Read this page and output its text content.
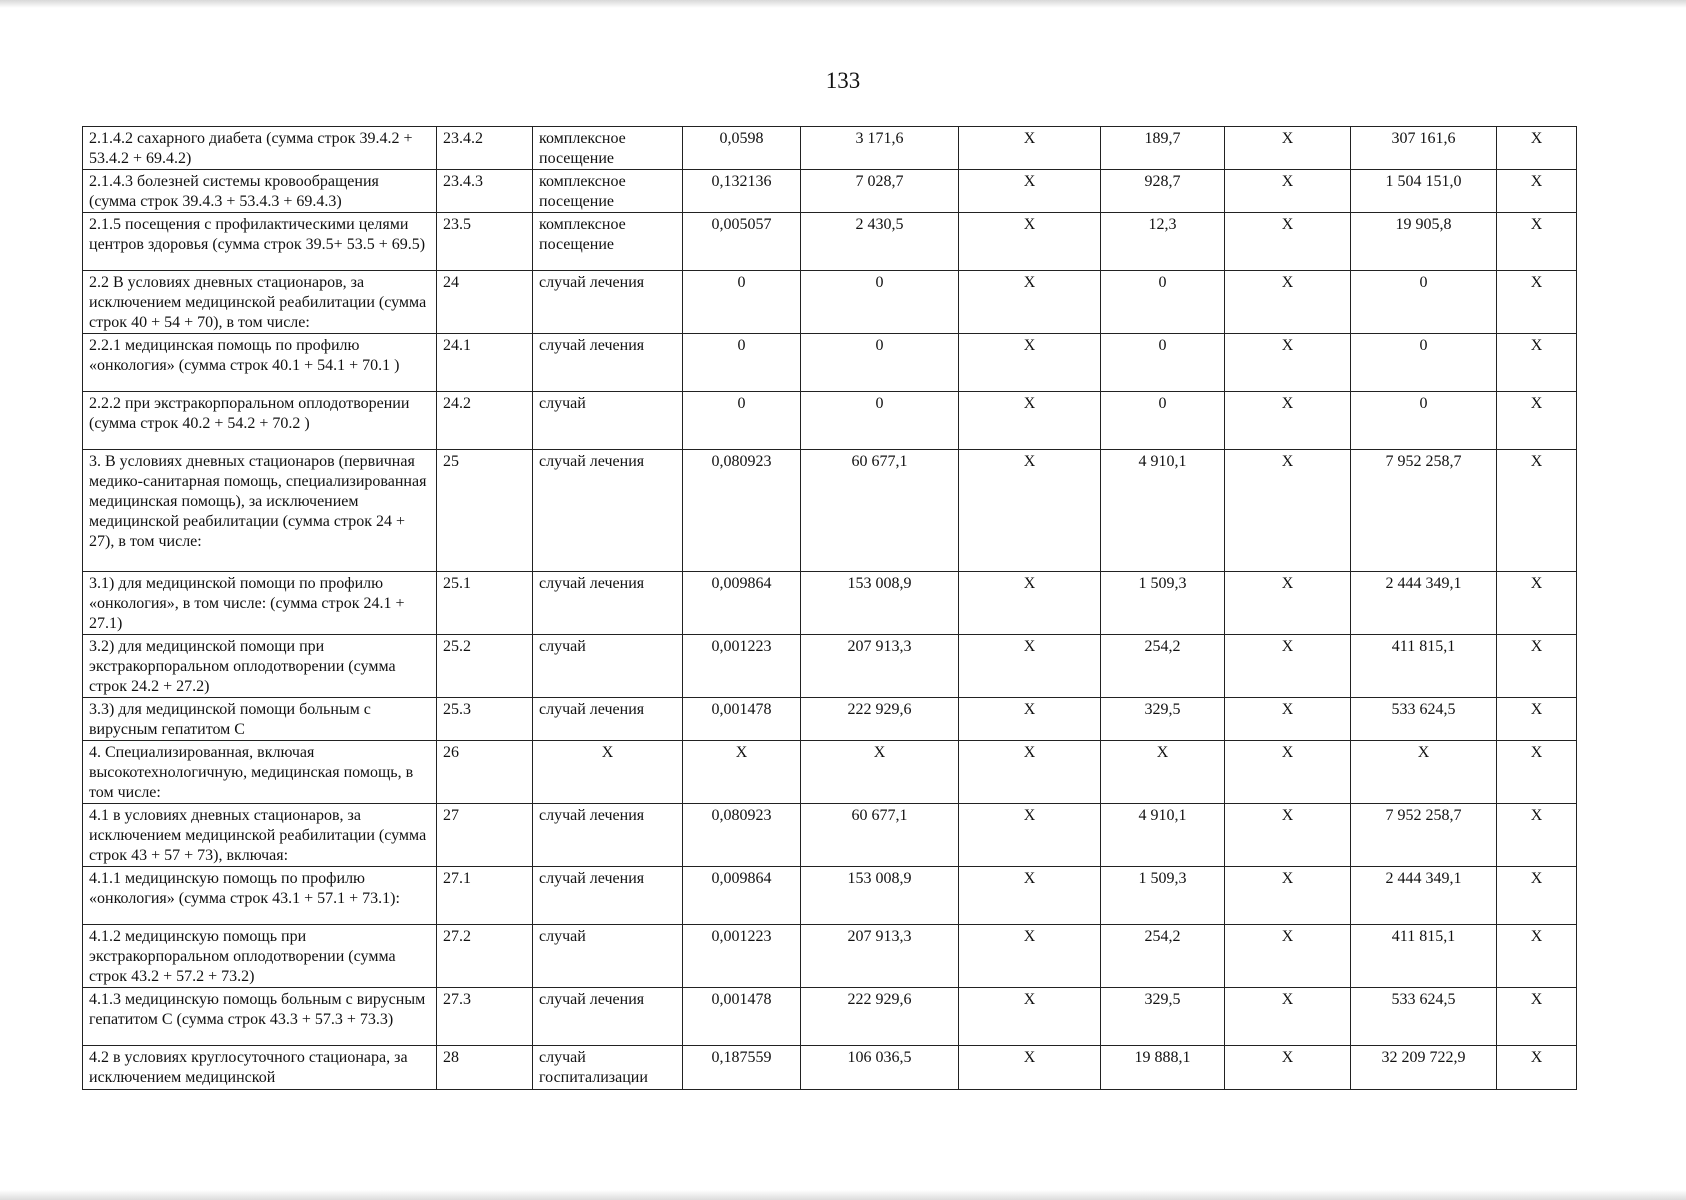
133
2.1.4.2 сахарного диабета (сумма строк 39.4.2 + 53.4.2 + 69.4.2)	23.4.2	комплексное посещение	0,0598	3 171,6	X	189,7	X	307 161,6	X
2.1.4.3 болезней системы кровообращения (сумма строк 39.4.3 + 53.4.3 + 69.4.3)	23.4.3	комплексное посещение	0,132136	7 028,7	X	928,7	X	1 504 151,0	X
2.1.5 посещения с профилактическими целями центров здоровья (сумма строк 39.5+ 53.5 + 69.5)	23.5	комплексное посещение	0,005057	2 430,5	X	12,3	X	19 905,8	X
2.2 В условиях дневных стационаров, за исключением медицинской реабилитации (сумма строк 40 + 54 + 70), в том числе:	24	случай лечения	0	0	X	0	X	0	X
2.2.1 медицинская помощь по профилю «онкология» (сумма строк 40.1 + 54.1 + 70.1 )	24.1	случай лечения	0	0	X	0	X	0	X
2.2.2 при экстракорпоральном оплодотворении (сумма строк 40.2 + 54.2 + 70.2 )	24.2	случай	0	0	X	0	X	0	X
3. В условиях дневных стационаров (первичная медико-санитарная помощь, специализированная медицинская помощь), за исключением медицинской реабилитации (сумма строк 24 + 27), в том числе:	25	случай лечения	0,080923	60 677,1	X	4 910,1	X	7 952 258,7	X
3.1) для медицинской помощи по профилю «онкология», в том числе: (сумма строк 24.1 + 27.1)	25.1	случай лечения	0,009864	153 008,9	X	1 509,3	X	2 444 349,1	X
3.2) для медицинской помощи при экстракорпоральном оплодотворении (сумма строк 24.2 + 27.2)	25.2	случай	0,001223	207 913,3	X	254,2	X	411 815,1	X
3.3) для медицинской помощи больным с вирусным гепатитом С	25.3	случай лечения	0,001478	222 929,6	X	329,5	X	533 624,5	X
4. Специализированная, включая высокотехнологичную, медицинская помощь, в том числе:	26	X	X	X	X	X	X	X	X
4.1 в условиях дневных стационаров, за исключением медицинской реабилитации (сумма строк 43 + 57 + 73), включая:	27	случай лечения	0,080923	60 677,1	X	4 910,1	X	7 952 258,7	X
4.1.1 медицинскую помощь по профилю «онкология» (сумма строк 43.1 + 57.1 + 73.1):	27.1	случай лечения	0,009864	153 008,9	X	1 509,3	X	2 444 349,1	X
4.1.2 медицинскую помощь при экстракорпоральном оплодотворении (сумма строк 43.2 + 57.2 + 73.2)	27.2	случай	0,001223	207 913,3	X	254,2	X	411 815,1	X
4.1.3 медицинскую помощь больным с вирусным гепатитом С (сумма строк 43.3 + 57.3 + 73.3)	27.3	случай лечения	0,001478	222 929,6	X	329,5	X	533 624,5	X
4.2 в условиях круглосуточного стационара, за исключением медицинской	28	случай госпитализации	0,187559	106 036,5	X	19 888,1	X	32 209 722,9	X
